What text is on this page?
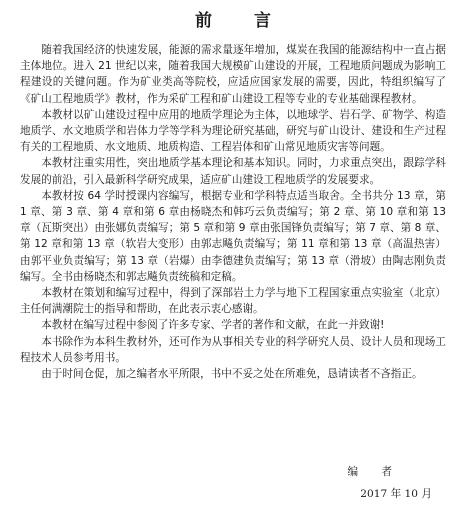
前 言

随着我国经济的快速发展，能源的需求量逐年增加，煤炭在我国的能源结构中一直占据主体地位。进入 21 世纪以来，随着我国大规模矿山建设的开展，工程地质问题成为影响工程建设的关键问题。作为矿业类高等院校，应适应国家发展的需要，因此，特组织编写了《矿山工程地质学》教材，作为采矿工程和矿山建设工程等专业的专业基础课程教材。

本教材以矿山建设过程中应用的地质学理论为主体，以地球学、岩石学、矿物学、构造地质学、水文地质学和岩体力学等学科为理论研究基础，研究与矿山设计、建设和生产过程有关的工程地质、水文地质、地质构造、工程岩体和矿山常见地质灾害等问题。

本教材注重实用性，突出地质学基本理论和基本知识。同时，力求重点突出，跟踪学科发展的前沿，引入最新科学研究成果，适应矿山建设工程地质学的发展要求。

本教材按 64 学时授课内容编写，根据专业和学科特点适当取舍。全书共分 13 章，第 1 章、第 3 章、第 4 章和第 6 章由杨晓杰和韩巧云负责编写；第 2 章、第 10 章和第 13 章（瓦斯突出）由张娜负责编写；第 5 章和第 9 章由张国锋负责编写；第 7 章、第 8 章、第 12 章和第 13 章（软岩大变形）由郭志飚负责编写；第 11 章和第 13 章（高温热害）由郭平业负责编写；第 13 章（岩爆）由李德建负责编写；第 13 章（滑坡）由陶志刚负责编写。全书由杨晓杰和郭志飚负责统稿和定稿。

本教材在策划和编写过程中，得到了深部岩土力学与地下工程国家重点实验室（北京）主任何满潮院士的指导和帮助，在此表示衷心感谢。

本教材在编写过程中参阅了许多专家、学者的著作和文献，在此一并致谢!

本书除作为本科生教材外，还可作为从事相关专业的科学研究人员、设计人员和现场工程技术人员参考用书。

由于时间仓促，加之编者水平所限，书中不妥之处在所难免，恳请读者不吝指正。

编 者
2017 年 10 月
